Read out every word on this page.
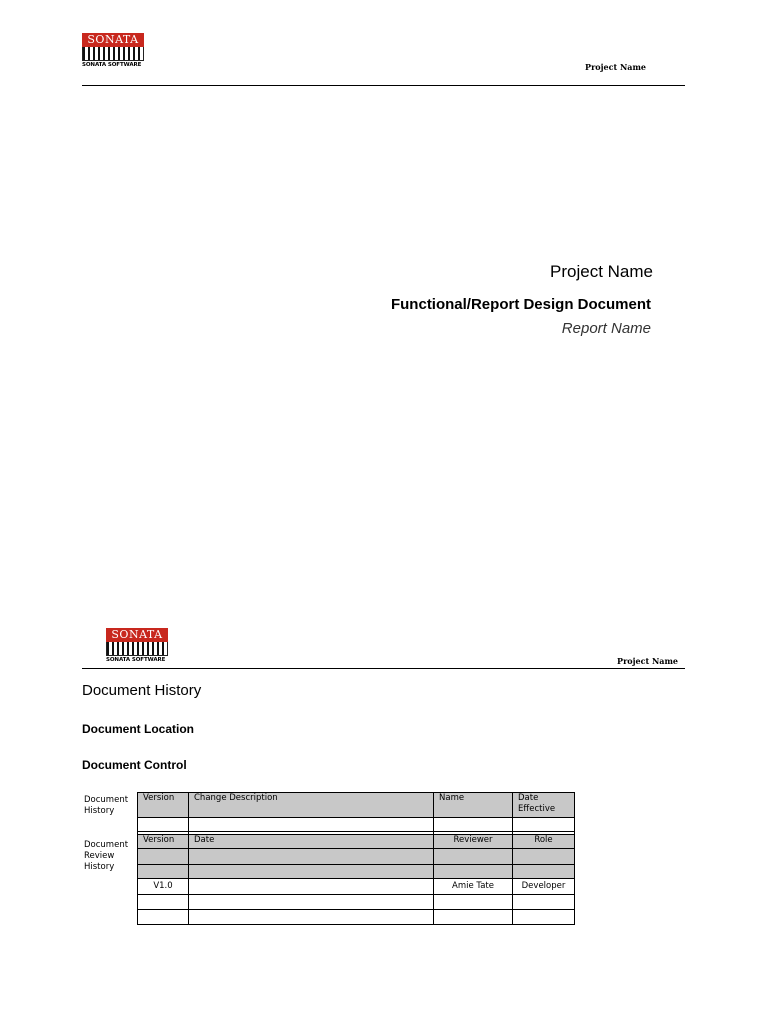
SONATA
SONATA SOFTWARE	Project Name
Project Name
Functional/Report Design Document
Report Name
SONATA
SONATA SOFTWARE	Project Name
Document History
Document Location
Document Control
Document History
Document Review History
Version	Change Description	Name	Date Effective

Version	Date	Reviewer	Role

V1.0		Amie Tate	Developer
